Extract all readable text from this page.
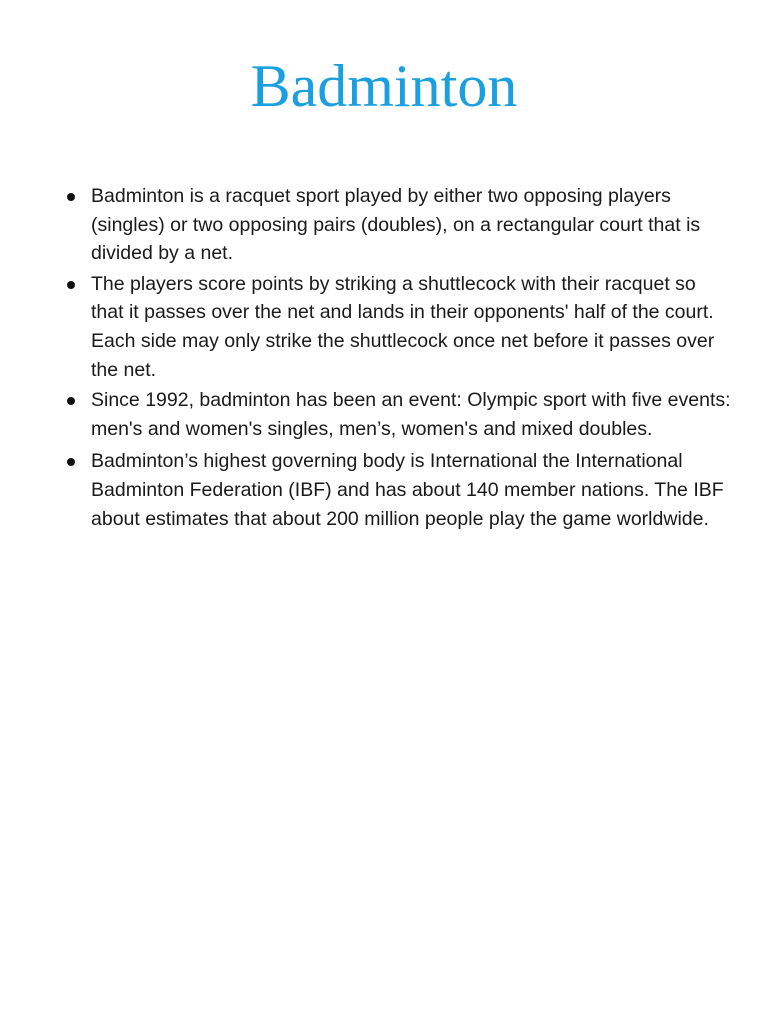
Badminton
Badminton is a racquet sport played by either two opposing players (singles) or two opposing pairs (doubles), on a rectangular court that is divided by a net.
The players score points by striking a shuttlecock with their racquet so that it passes over the net and lands in their opponents' half of the court. Each side may only strike the shuttlecock once net before it passes over the net.
Since 1992, badminton has been an event: Olympic sport with five events: men's and women's singles, men’s, women's and mixed doubles.
Badminton’s highest governing body is International the International Badminton Federation (IBF) and has about 140 member nations. The IBF about estimates that about 200 million people play the game worldwide.
